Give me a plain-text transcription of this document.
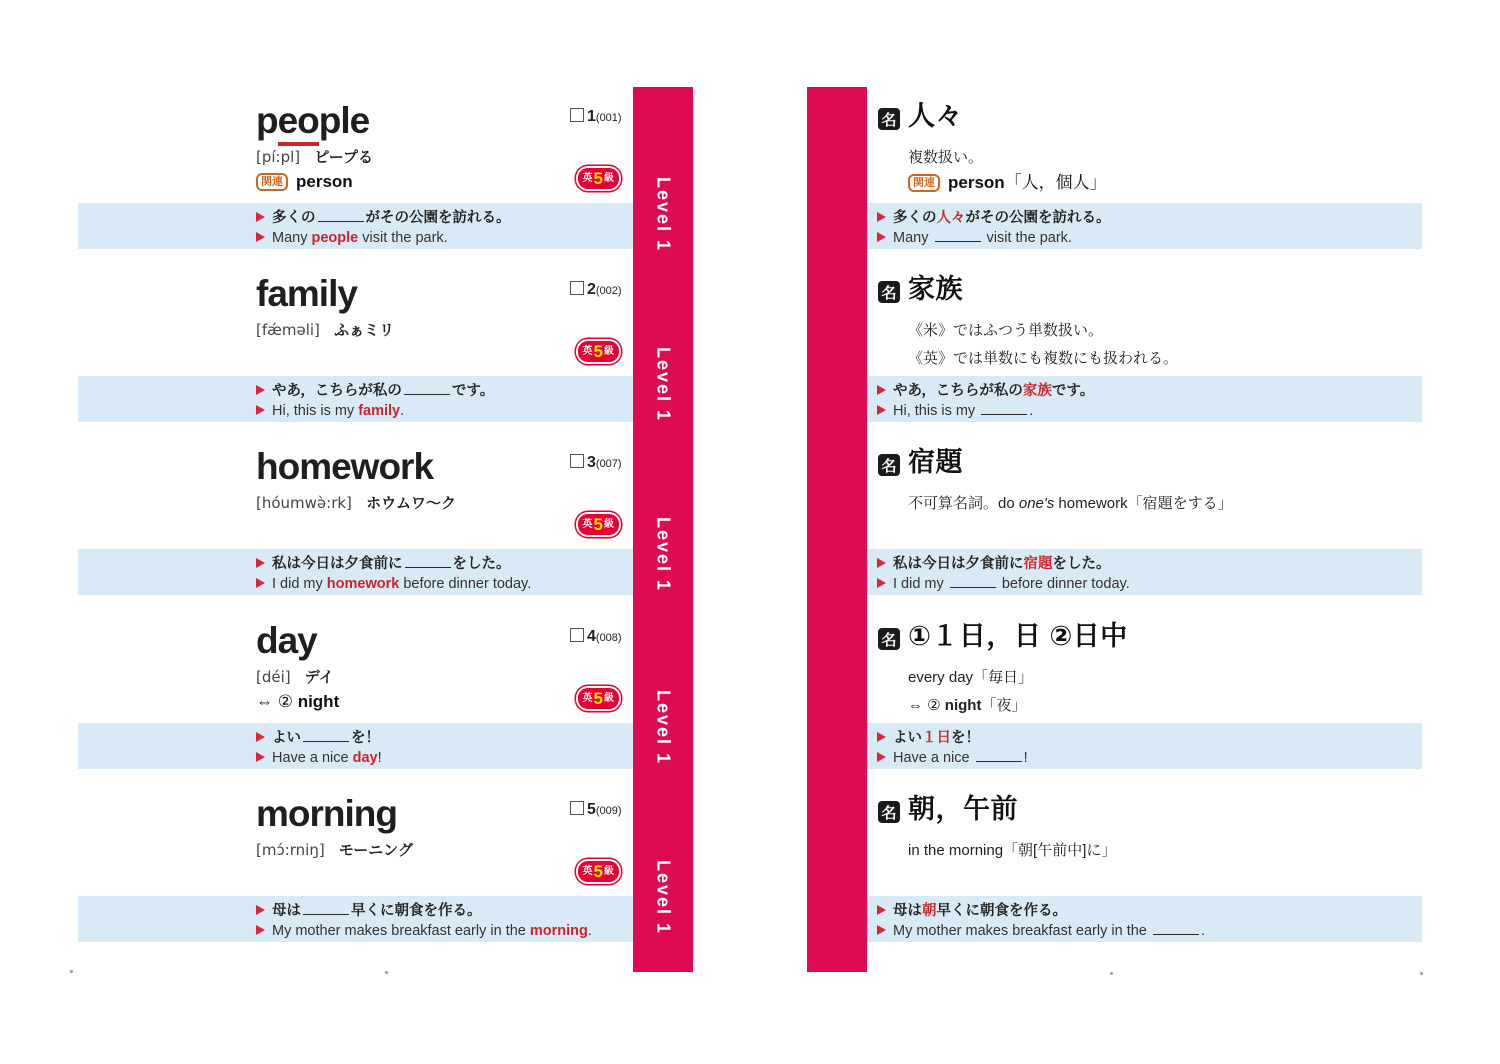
1(001)
people
[pí:pl] ピープる
関連 person	英 5 級
多くの	がその公園を訪れる。
Many people visit the park.
2(002)
family
[fǽməli] ふぁミリ
英 5 級
やあ，こちらが私の	です。
Hi, this is my family.
3(007)
homework
[hóumwə̀:rk] ホウムワ〜ク
英 5 級
私は今日は夕食前に	をした。
I did my homework before dinner today.
4(008)
day
[déi] デイ
⇔ ② night	英 5 級
よい	を！
Have a nice day!
5(009)
morning
[mɔ́:rniŋ] モーニング
英 5 級
母は	早くに朝食を作る。
My mother makes breakfast early in the morning.
Level 1
Level 1
Level 1
Level 1
Level 1
名 人々
複数扱い。
関連 person「人，個人」
多くの人々がその公園を訪れる。
Many	visit the park.
名 家族
《米》ではふつう単数扱い。
《英》では単数にも複数にも扱われる。
やあ，こちらが私の家族です。
Hi, this is my	.
名 宿題
不可算名詞。do one's homework「宿題をする」
私は今日は夕食前に宿題をした。
I did my	before dinner today.
名 ①１日，日 ②日中
every day「毎日」
⇔ ② night「夜」
よい１日を！
Have a nice	!
名 朝，午前
in the morning「朝[午前中]に」
母は朝早くに朝食を作る。
My mother makes breakfast early in the	.
